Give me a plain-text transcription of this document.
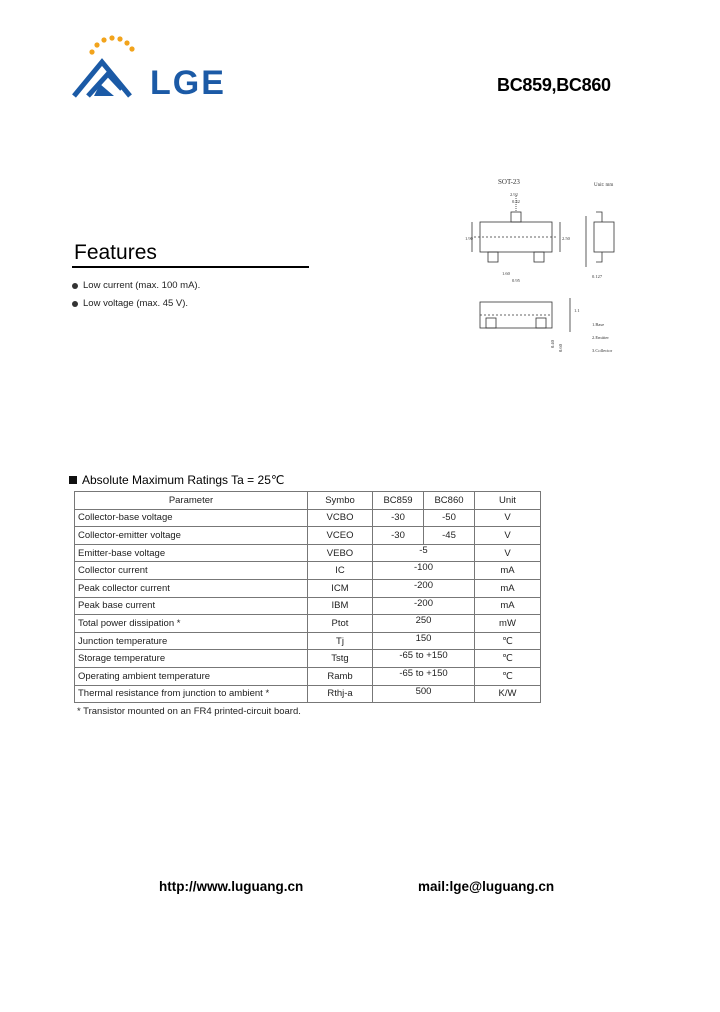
LGE	BC859,BC860
Features
Low current (max. 100 mA).
Low voltage (max. 45 V).
SOT-23	Unit: mm
2.92
0.42
1.90	2.50
1.60
0.95
0.127
1.1
0.40
0.60
1.Base
2.Emitter
3.Collector
Absolute Maximum Ratings Ta = 25℃
Parameter	Symbo	BC859	BC860	Unit
Collector-base voltage	VCBO	-30	-50	V
Collector-emitter voltage	VCEO	-30	-45	V
Emitter-base voltage	VEBO	-5		V
Collector current	IC	-100		mA
Peak collector current	ICM	-200		mA
Peak base current	IBM	-200		mA
Total power dissipation *	Ptot	250		mW
Junction temperature	Tj	150		℃
Storage temperature	Tstg	-65 to +150		℃
Operating ambient temperature	Ramb	-65 to +150		℃
Thermal resistance from junction to ambient *	Rthj-a	500		K/W
* Transistor mounted on an FR4 printed-circuit board.
http://www.luguang.cn	mail:lge@luguang.cn
